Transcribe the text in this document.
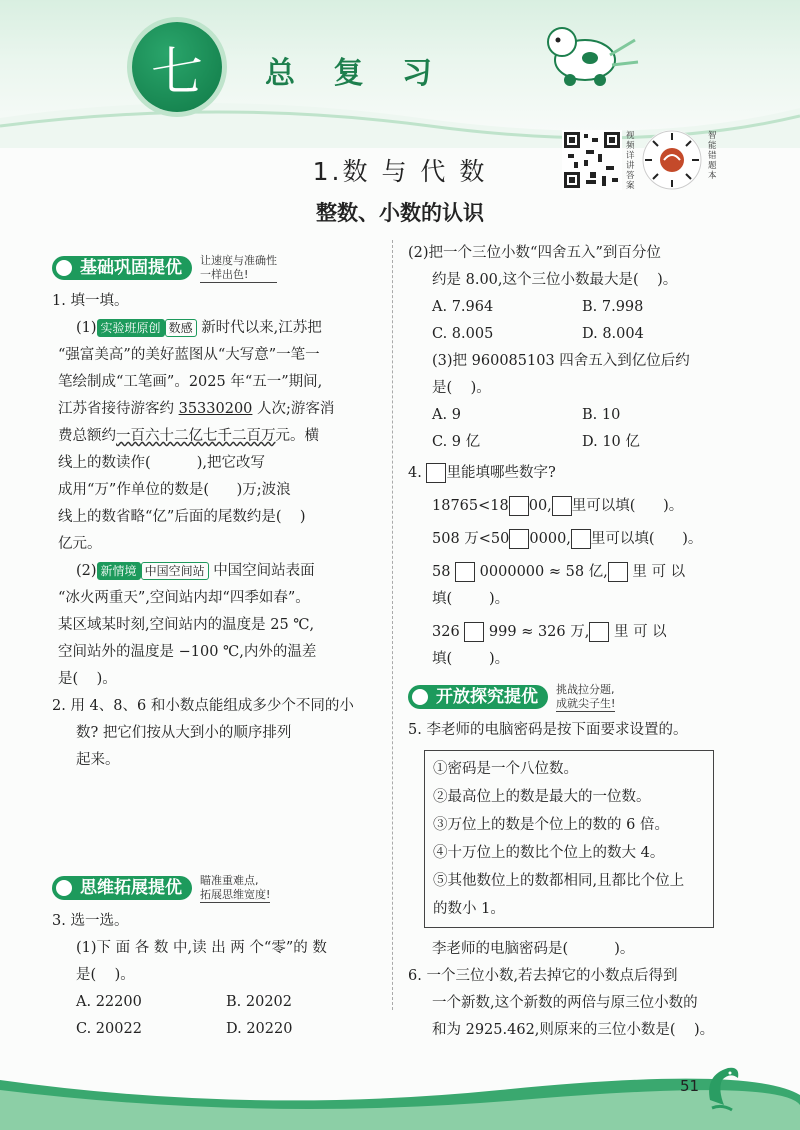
七	总 复 习
视频详讲答案
智能错题本
1.数 与 代 数
整数、小数的认识
基础巩固提优	让速度与准确性
一样出色!

1. 填一填。

(1) 实验班原创 数感 新时代以来,江苏把

“强富美高”的美好蓝图从“大写意”一笔一

笔绘制成“工笔画”。2025 年“五一”期间,

江苏省接待游客约 35330200 人次;游客消

费总额约一百六十二亿七千二百万元。横

线上的数读作(          ),把它改写

成用“万”作单位的数是(      )万;波浪

线上的数省略“亿”后面的尾数约是(    )

亿元。

(2) 新情境 中国空间站 中国空间站表面

“冰火两重天”,空间站内却“四季如春”。

某区域某时刻,空间站内的温度是 25 ℃,

空间站外的温度是 −100 ℃,内外的温差

是(    )。

2. 用 4、8、6 和小数点能组成多少个不同的小

数? 把它们按从大到小的顺序排列

起来。

思维拓展提优	瞄准重难点,
拓展思维宽度!

3. 选一选。

(1)下 面 各 数 中,读 出 两 个“零”的 数

是(    )。

A. 22200	B. 20202
C. 20022	D. 20220

(2)把一个三位小数“四舍五入”到百分位

约是 8.00,这个三位小数最大是(    )。

A. 7.964	B. 7.998
C. 8.005	D. 8.004

(3)把 960085103 四舍五入到亿位后约

是(    )。

A. 9	B. 10
C. 9 亿	D. 10 亿

4. 里能填哪些数字?

18765<18 00, 里可以填(      )。

508 万<50 0000, 里可以填(      )。

58 0000000 ≈ 58 亿, 里 可 以

填(        )。

326 999 ≈ 326 万, 里 可 以

填(        )。

开放探究提优	挑战拉分题,
成就尖子生!

5. 李老师的电脑密码是按下面要求设置的。

①密码是一个八位数。
②最高位上的数是最大的一位数。
③万位上的数是个位上的数的 6 倍。
④十万位上的数比个位上的数大 4。
⑤其他数位上的数都相同,且都比个位上
的数小 1。

李老师的电脑密码是(          )。

6. 一个三位小数,若去掉它的小数点后得到

一个新数,这个新数的两倍与原三位小数的

和为 2925.462,则原来的三位小数是(    )。

51
